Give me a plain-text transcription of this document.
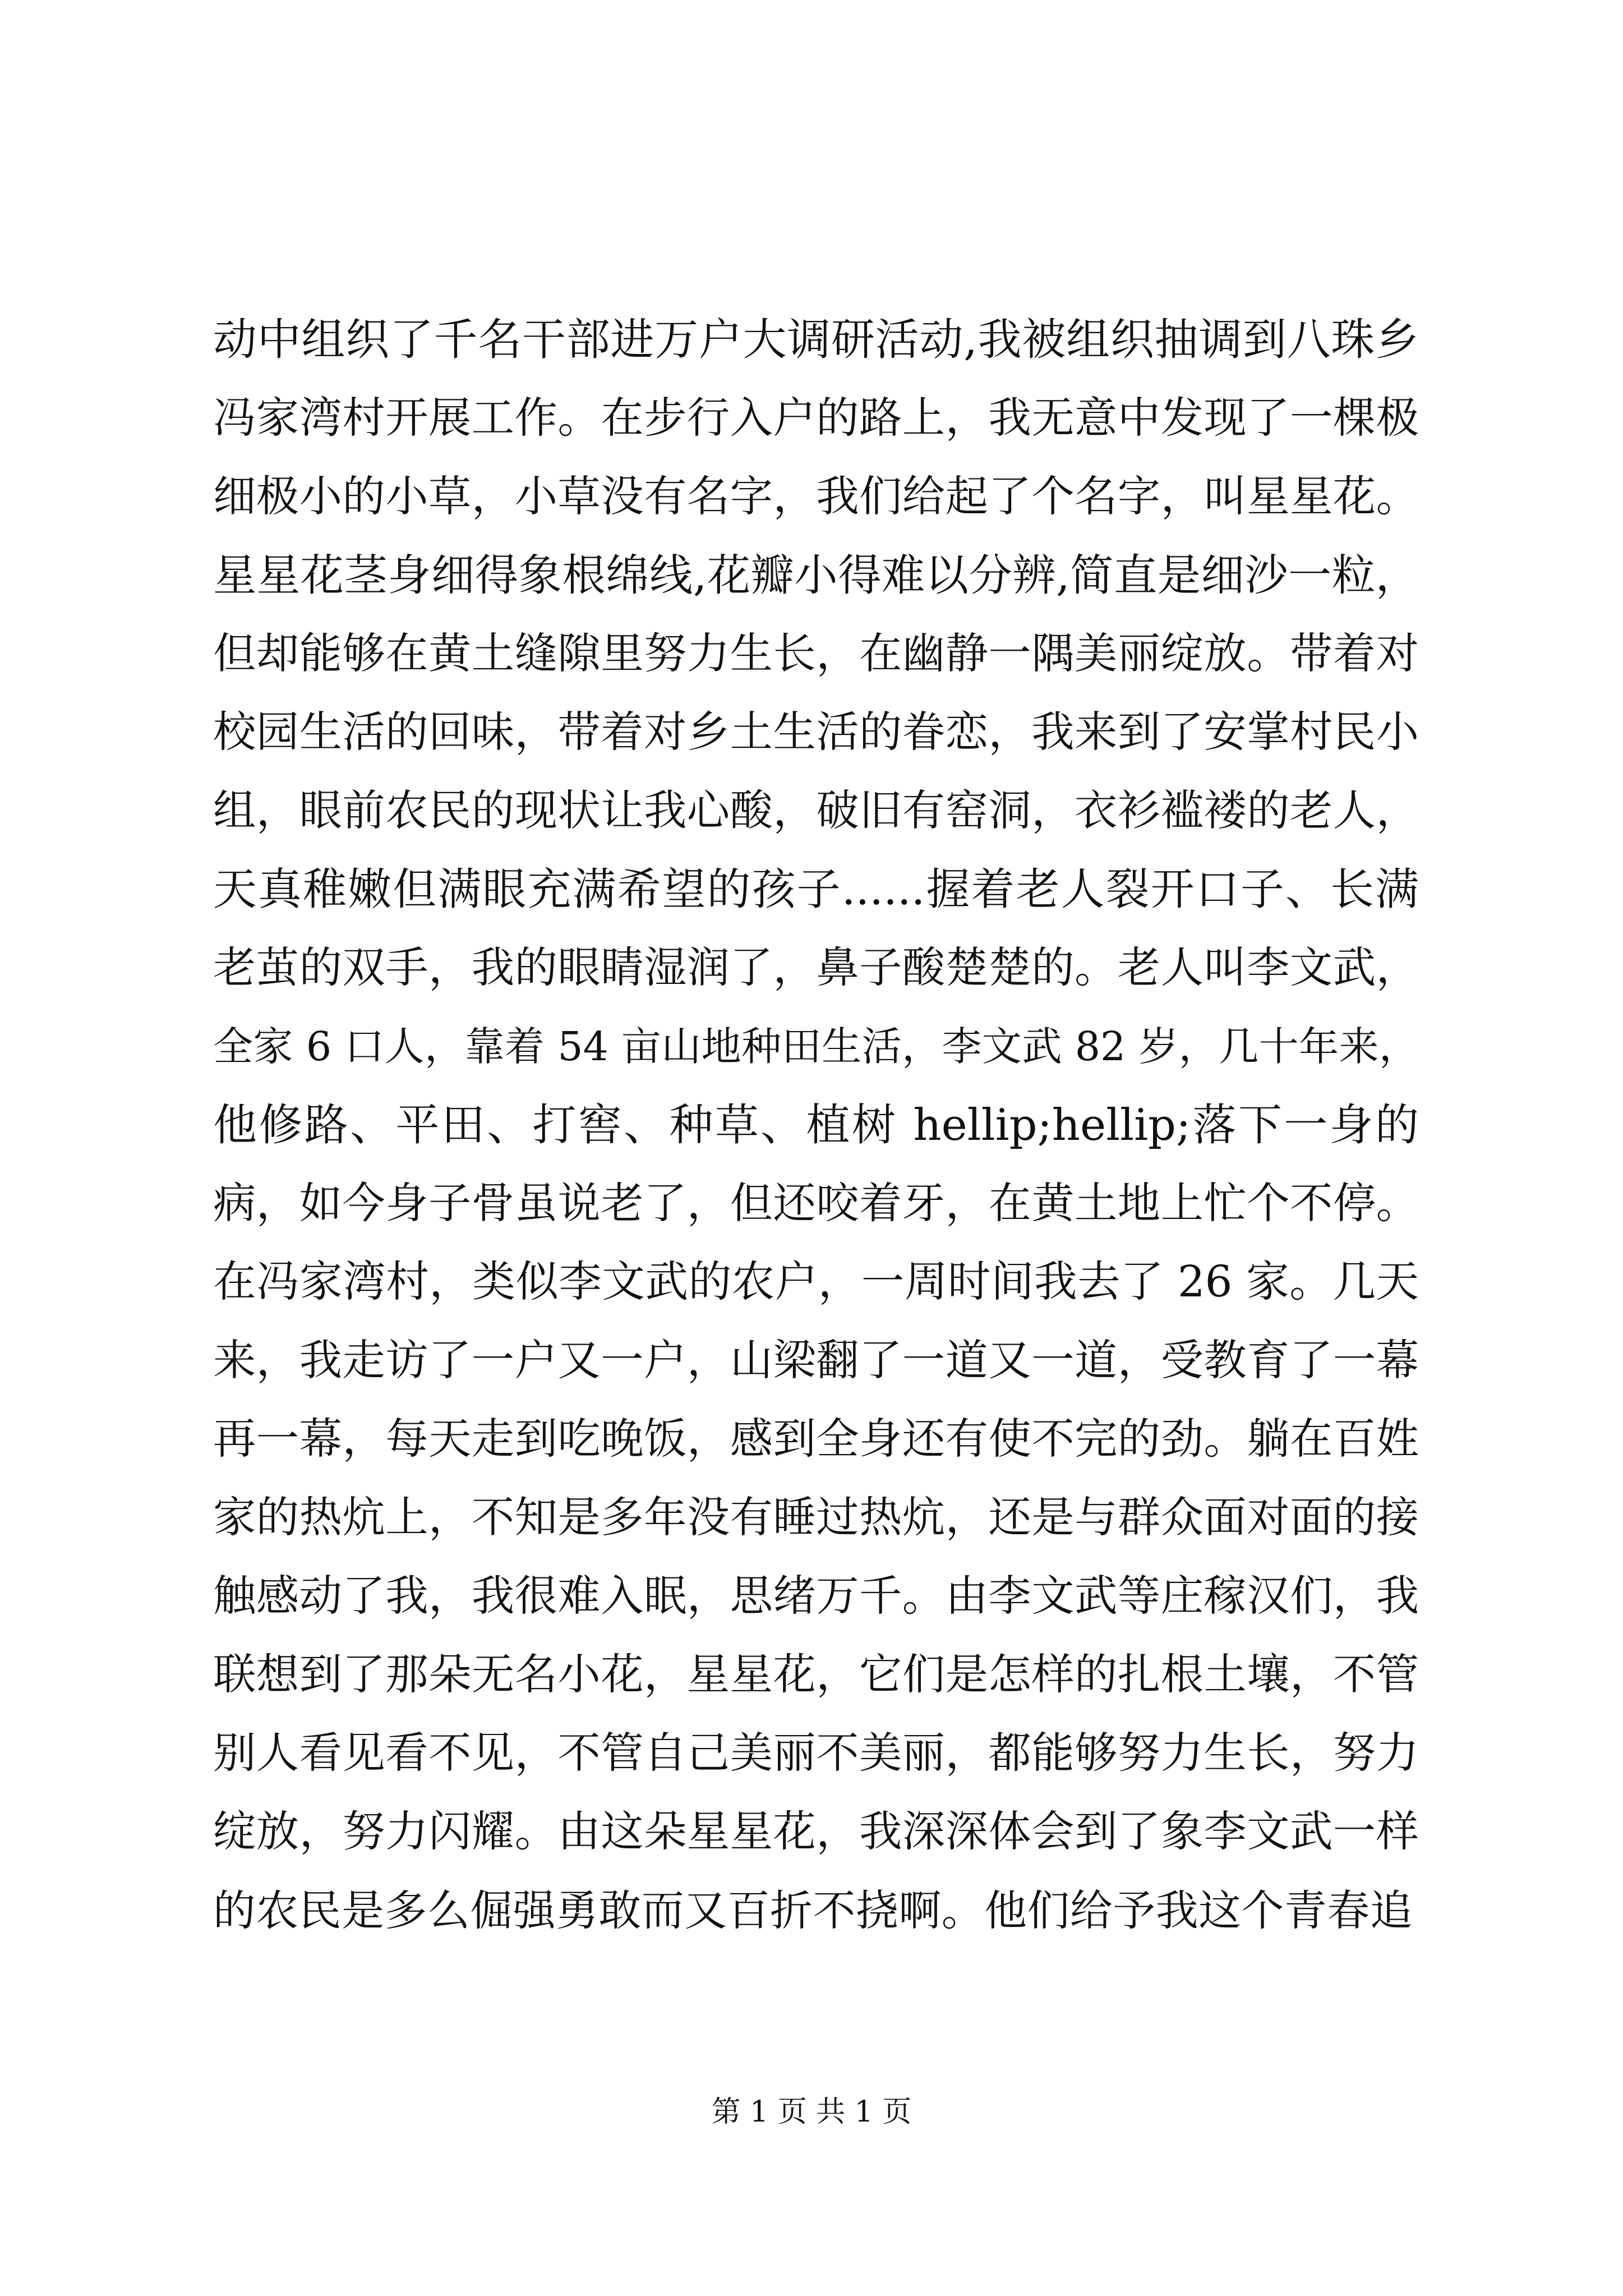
动中组织了千名干部进万户大调研活动,我被组织抽调到八珠乡
冯家湾村开展工作。在步行入户的路上，我无意中发现了一棵极
细极小的小草，小草没有名字，我们给起了个名字，叫星星花。
星星花茎身细得象根绵线,花瓣小得难以分辨,简直是细沙一粒，
但却能够在黄土缝隙里努力生长，在幽静一隅美丽绽放。带着对
校园生活的回味，带着对乡土生活的眷恋，我来到了安掌村民小
组，眼前农民的现状让我心酸，破旧有窑洞，衣衫褴褛的老人，
天真稚嫩但满眼充满希望的孩子......握着老人裂开口子、长满
老茧的双手，我的眼睛湿润了，鼻子酸楚楚的。老人叫李文武，
全家 6 口人，靠着 54 亩山地种田生活，李文武 82 岁，几十年来，
他修路、平田、打窖、种草、植树 hellip;hellip;落下一身的
病，如今身子骨虽说老了，但还咬着牙，在黄土地上忙个不停。
在冯家湾村，类似李文武的农户，一周时间我去了 26 家。几天
来，我走访了一户又一户，山梁翻了一道又一道，受教育了一幕
再一幕，每天走到吃晚饭，感到全身还有使不完的劲。躺在百姓
家的热炕上，不知是多年没有睡过热炕，还是与群众面对面的接
触感动了我，我很难入眠，思绪万千。由李文武等庄稼汉们，我
联想到了那朵无名小花，星星花，它们是怎样的扎根土壤，不管
别人看见看不见，不管自己美丽不美丽，都能够努力生长，努力
绽放，努力闪耀。由这朵星星花，我深深体会到了象李文武一样
的农民是多么倔强勇敢而又百折不挠啊。他们给予我这个青春追
第 1 页 共 1 页
